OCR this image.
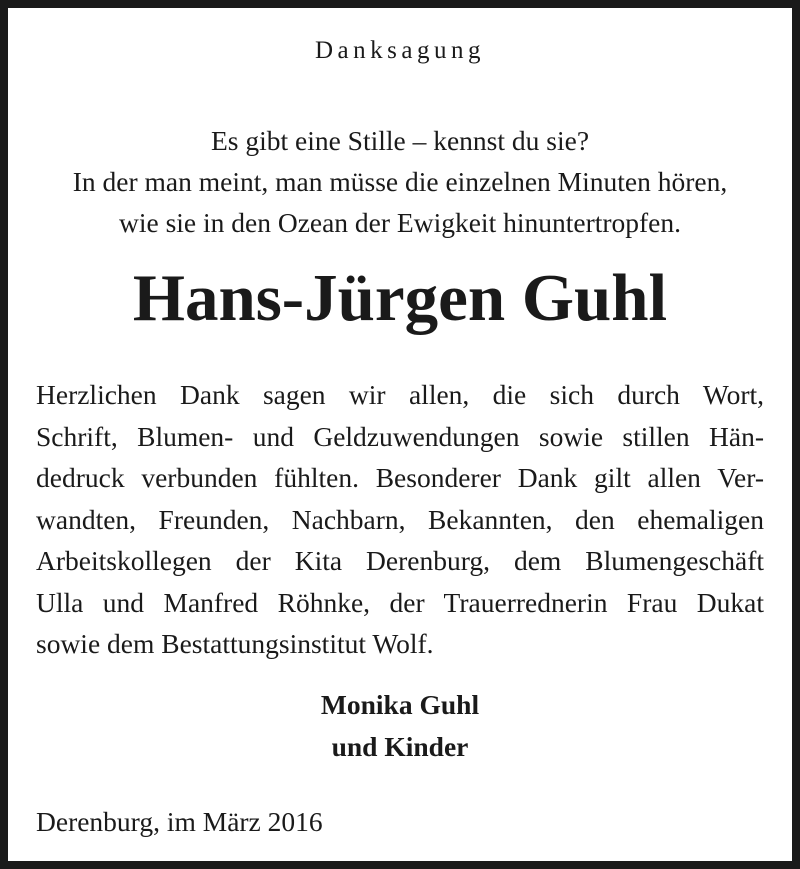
Danksagung
Es gibt eine Stille – kennst du sie?
In der man meint, man müsse die einzelnen Minuten hören,
wie sie in den Ozean der Ewigkeit hinuntertropfen.
Hans-Jürgen Guhl
Herzlichen Dank sagen wir allen, die sich durch Wort,
Schrift, Blumen- und Geldzuwendungen sowie stillen Hän-
dedruck verbunden fühlten. Besonderer Dank gilt allen Ver-
wandten, Freunden, Nachbarn, Bekannten, den ehemaligen
Arbeitskollegen der Kita Derenburg, dem Blumengeschäft
Ulla und Manfred Röhnke, der Trauerrednerin Frau Dukat
sowie dem Bestattungsinstitut Wolf.
Monika Guhl
und Kinder
Derenburg, im März 2016
